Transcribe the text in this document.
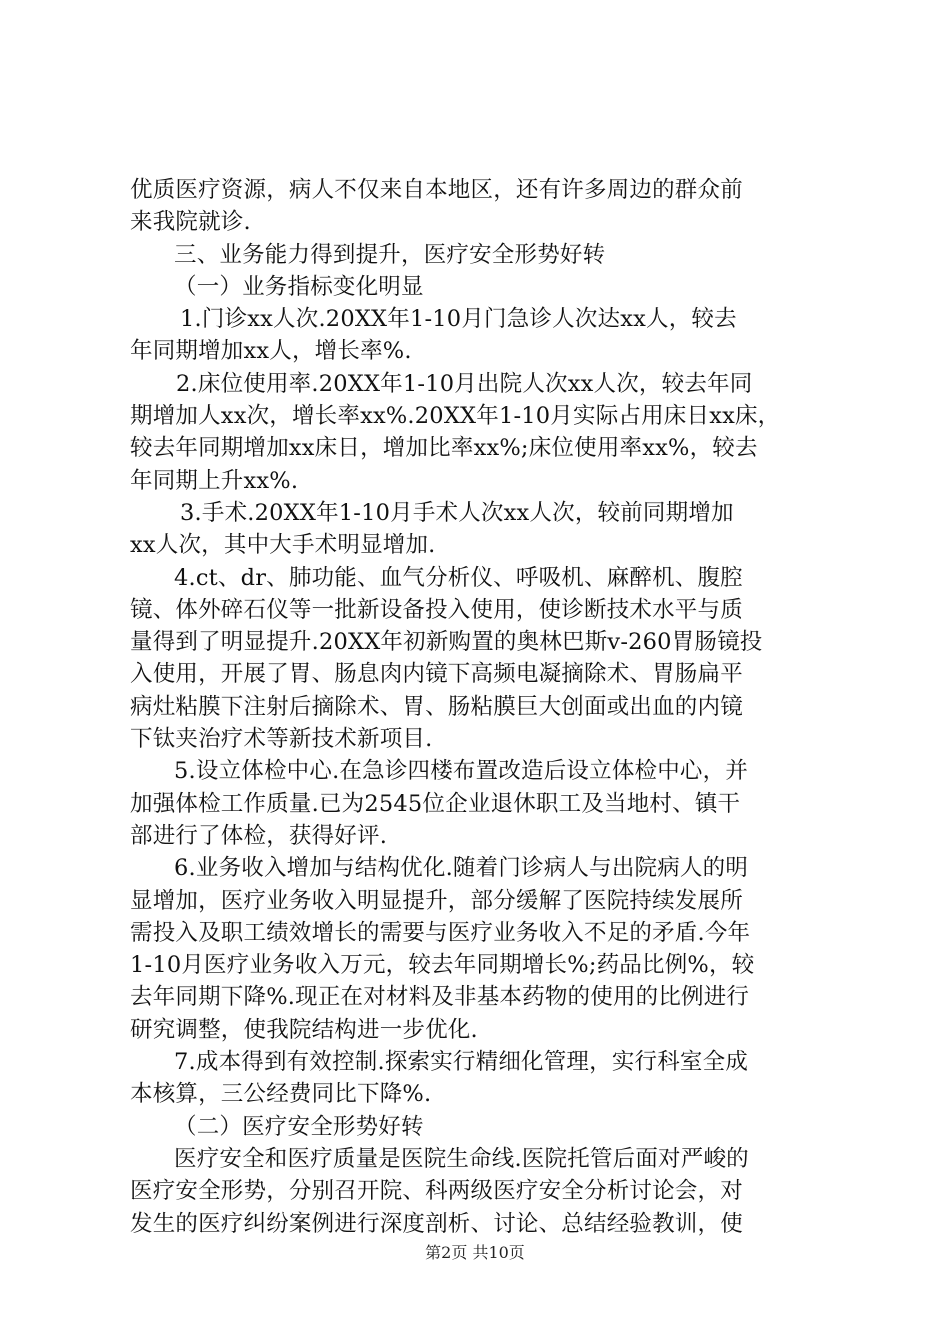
优质医疗资源，病人不仅来自本地区，还有许多周边的群众前
来我院就诊.
三、业务能力得到提升，医疗安全形势好转
（一）业务指标变化明显
1.门诊xx人次.20XX年1-10月门急诊人次达xx人，较去
年同期增加xx人，增长率%.
2.床位使用率.20XX年1-10月出院人次xx人次，较去年同
期增加人xx次，增长率xx%.20XX年1-10月实际占用床日xx床，
较去年同期增加xx床日，增加比率xx%;床位使用率xx%，较去
年同期上升xx%.
3.手术.20XX年1-10月手术人次xx人次，较前同期增加
xx人次，其中大手术明显增加.
4.ct、dr、肺功能、血气分析仪、呼吸机、麻醉机、腹腔
镜、体外碎石仪等一批新设备投入使用，使诊断技术水平与质
量得到了明显提升.20XX年初新购置的奥林巴斯v-260胃肠镜投
入使用，开展了胃、肠息肉内镜下高频电凝摘除术、胃肠扁平
病灶粘膜下注射后摘除术、胃、肠粘膜巨大创面或出血的内镜
下钛夹治疗术等新技术新项目.
5.设立体检中心.在急诊四楼布置改造后设立体检中心，并
加强体检工作质量.已为2545位企业退休职工及当地村、镇干
部进行了体检，获得好评.
6.业务收入增加与结构优化.随着门诊病人与出院病人的明
显增加，医疗业务收入明显提升，部分缓解了医院持续发展所
需投入及职工绩效增长的需要与医疗业务收入不足的矛盾.今年
1-10月医疗业务收入万元，较去年同期增长%;药品比例%，较
去年同期下降%.现正在对材料及非基本药物的使用的比例进行
研究调整，使我院结构进一步优化.
7.成本得到有效控制.探索实行精细化管理，实行科室全成
本核算，三公经费同比下降%.
（二）医疗安全形势好转
医疗安全和医疗质量是医院生命线.医院托管后面对严峻的
医疗安全形势，分别召开院、科两级医疗安全分析讨论会，对
发生的医疗纠纷案例进行深度剖析、讨论、总结经验教训，使
第2页 共10页
